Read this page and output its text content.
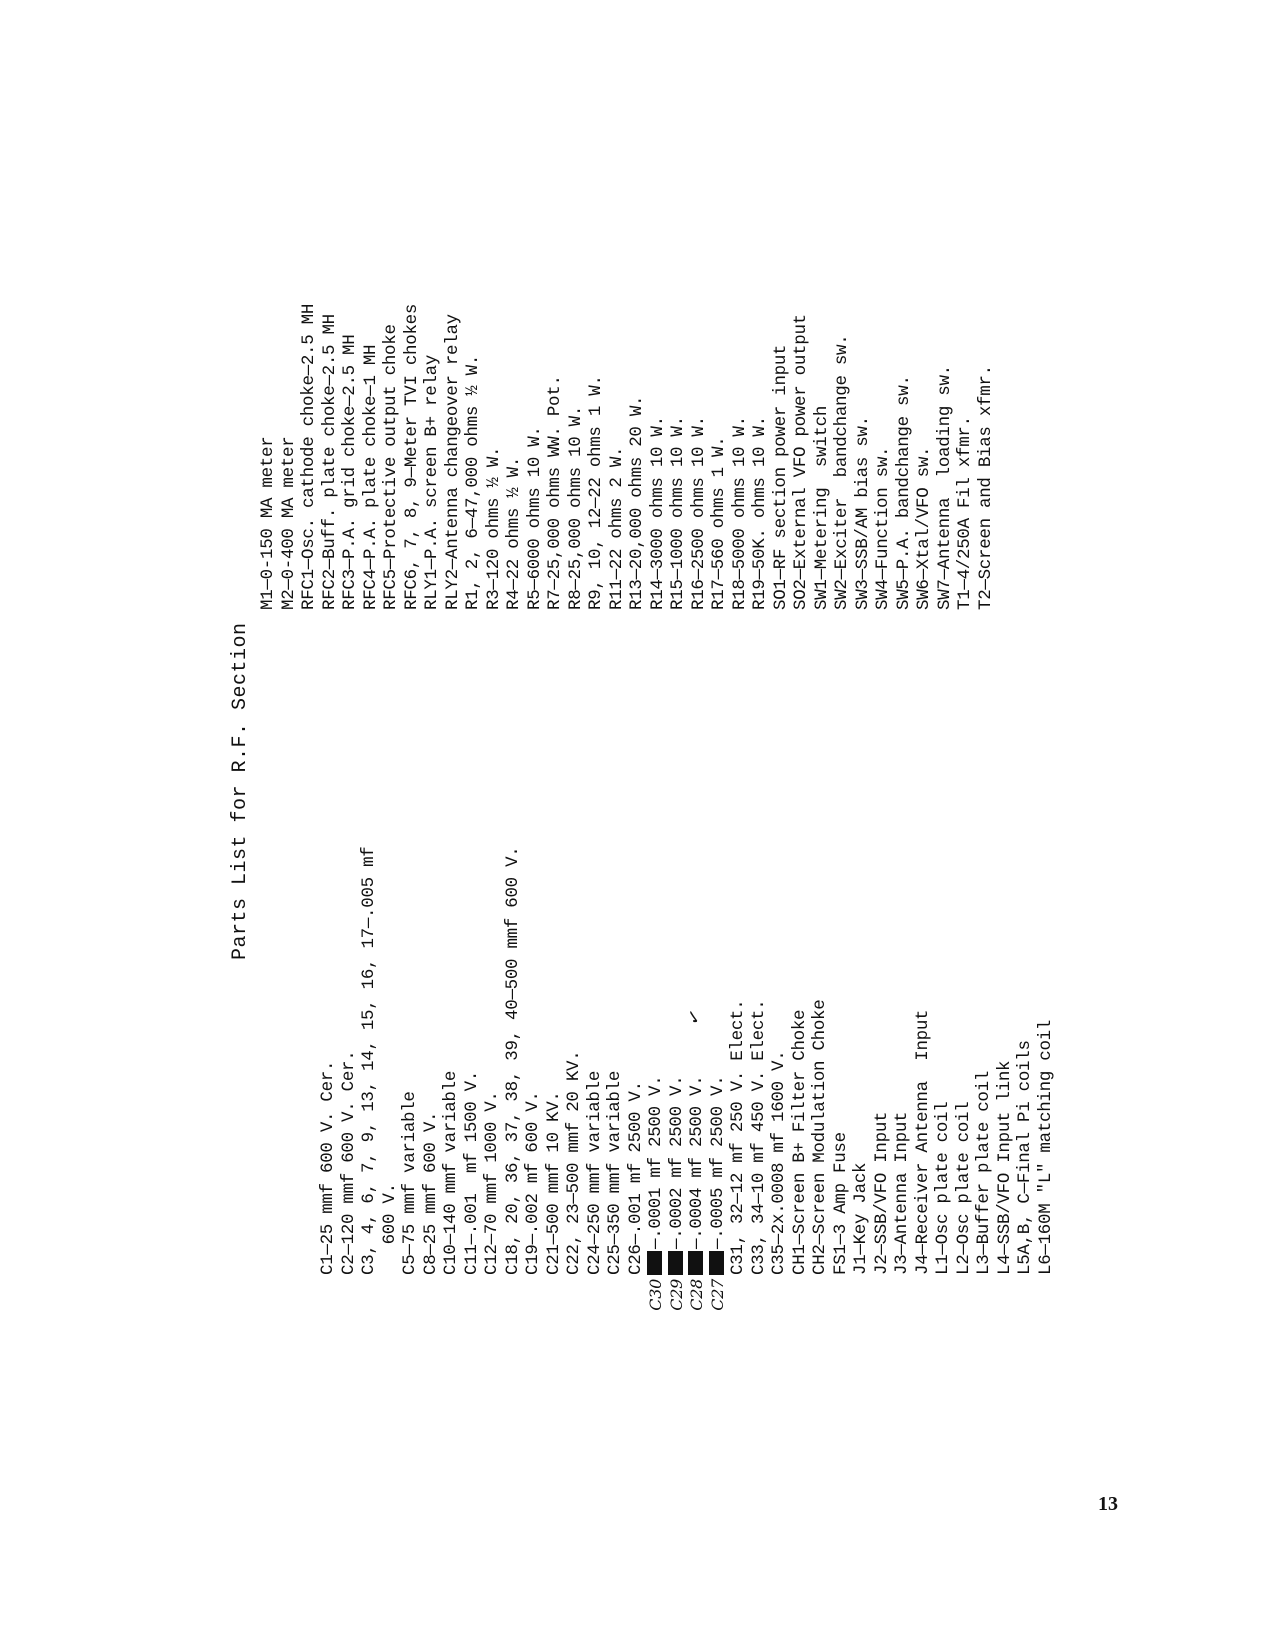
Parts List for R.F. Section
C1—25 mmf 600 V. Cer. C2—120 mmf 600 V. Cer. C3, 4, 6, 7, 9, 13, 14, 15, 16, 17—.005 mf 600 V. C5—75 mmf variable C8—25 mmf 600 V. C10—140 mmf variable C11—.001  mf 1500 V. C12—70 mmf 1000 V. C18, 20, 36, 37, 38, 39, 40—500 mmf 600 V. C19—.002 mf 600 V. C21—500 mmf 10 KV. C22, 23—500 mmf 20 KV. C24—250 mmf variable C25—350 mmf variable C26—.001 mf 2500 V.
C30
—.0001 mf 2500 V.
C29
—.0002 mf 2500 V.
C28
—.0004 mf 2500 V.
✓
C27
—.0005 mf 2500 V. C31, 32—12 mf 250 V. Elect. C33, 34—10 mf 450 V. Elect. C35—2x.0008 mf 1600 V. CH1—Screen B+ Filter Choke CH2—Screen Modulation Choke FS1—3 Amp Fuse J1—Key Jack J2—SSB/VFO Input J3—Antenna Input J4—Receiver Antenna  Input L1—Osc plate coil L2—Osc plate coil L3—Buffer plate coil L4—SSB/VFO Input link L5A,B, C—Final Pi coils L6—160M "L" matching coil
M1—0-150 MA meter M2—0-400 MA meter RFC1—Osc. cathode choke—2.5 MH RFC2—Buff. plate choke—2.5 MH RFC3—P.A. grid choke—2.5 MH RFC4—P.A. plate choke—1 MH RFC5—Protective output choke RFC6, 7, 8, 9—Meter TVI chokes RLY1—P.A. screen B+ relay RLY2—Antenna changeover relay R1, 2, 6—47,000 ohms ½ W. R3—120 ohms ½ W. R4—22 ohms ½ W. R5—6000 ohms 10 W. R7—25,000 ohms WW. Pot. R8—25,000 ohms 10 W. R9, 10, 12—22 ohms 1 W. R11—22 ohms 2 W. R13—20,000 ohms 20 W. R14—3000 ohms 10 W. R15—1000 ohms 10 W. R16—2500 ohms 10 W. R17—560 ohms 1 W. R18—5000 ohms 10 W. R19—50K. ohms 10 W. SO1—RF section power input SO2—External VFO power output SW1—Metering  switch SW2—Exciter  bandchange sw. SW3—SSB/AM bias sw. SW4—Function sw. SW5—P.A. bandchange sw. SW6—Xtal/VFO sw. SW7—Antenna  loading sw. T1—4/250A Fil xfmr. T2—Screen and Bias xfmr.
13
